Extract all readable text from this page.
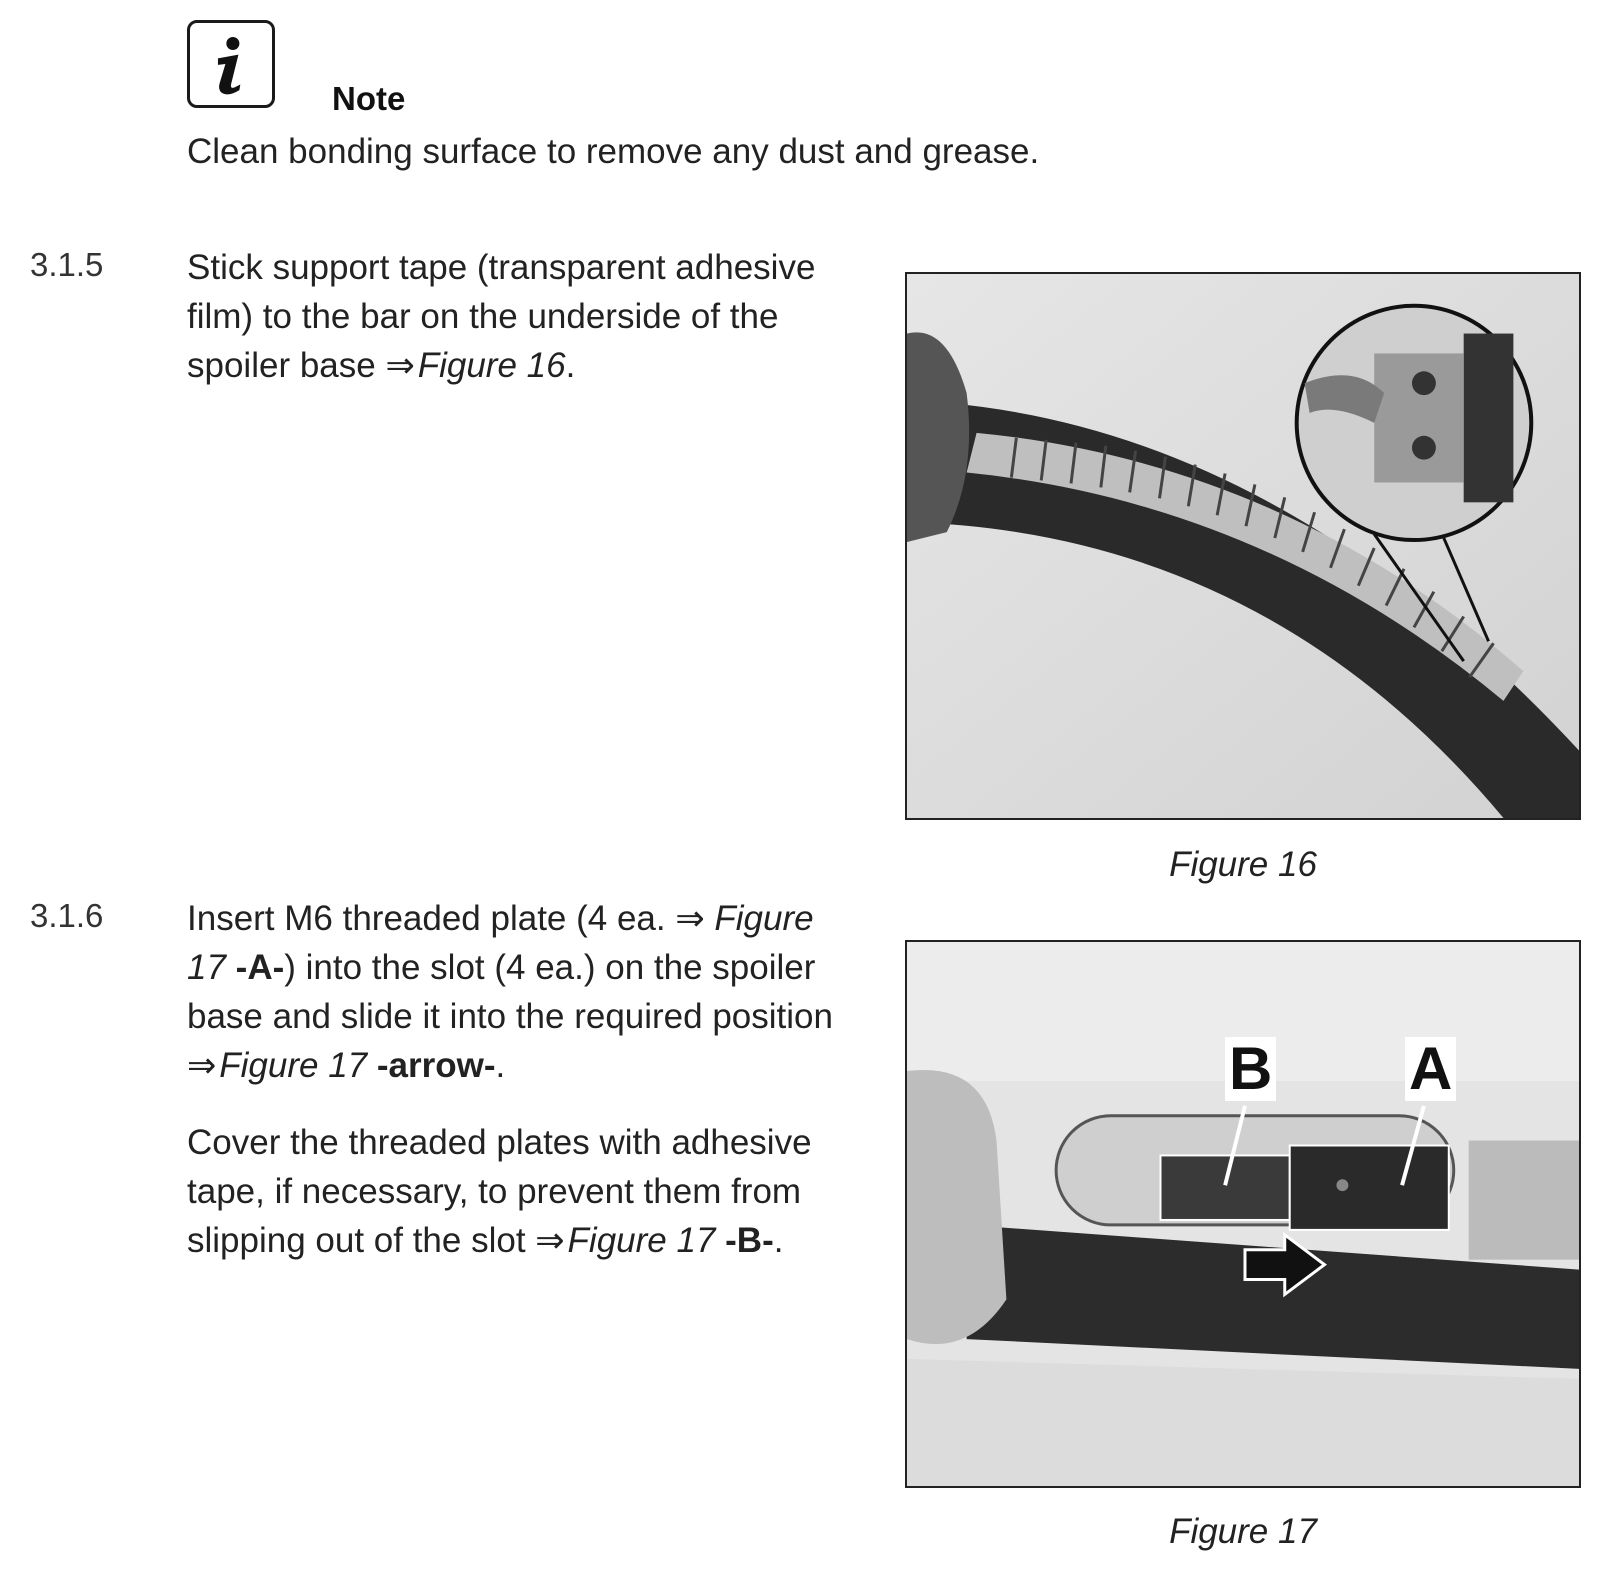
Note
Clean bonding surface to remove any dust and grease.
3.1.5 Stick support tape (transparent adhesive film) to the bar on the underside of the spoiler base ⇒ Figure 16.

Figure 16
3.1.6 Insert M6 threaded plate (4 ea. ⇒ Figure 17 -A-) into the slot (4 ea.) on the spoiler base and slide it into the required position ⇒ Figure 17 -arrow-.

Cover the threaded plates with adhesive tape, if necessary, to prevent them from slipping out of the slot ⇒ Figure 17 -B-.

B A
Figure 17
